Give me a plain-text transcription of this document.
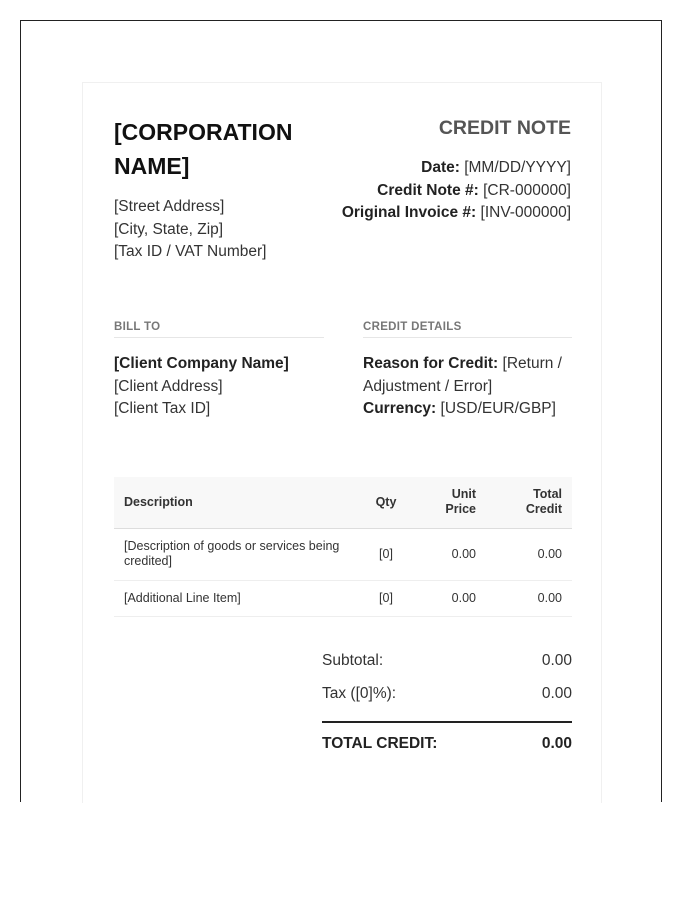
[CORPORATION NAME]
[Street Address]
[City, State, Zip]
[Tax ID / VAT Number]
CREDIT NOTE
Date: [MM/DD/YYYY]
Credit Note #: [CR-000000]
Original Invoice #: [INV-000000]
BILL TO	CREDIT DETAILS
[Client Company Name]
[Client Address]
[Client Tax ID]
Reason for Credit: [Return / Adjustment / Error]
Currency: [USD/EUR/GBP]
Description	Qty	Unit Price	Total Credit
[Description of goods or services being credited]	[0]	0.00	0.00
[Additional Line Item]	[0]	0.00	0.00
Subtotal:	0.00
Tax ([0]%):	0.00
TOTAL CREDIT:	0.00
